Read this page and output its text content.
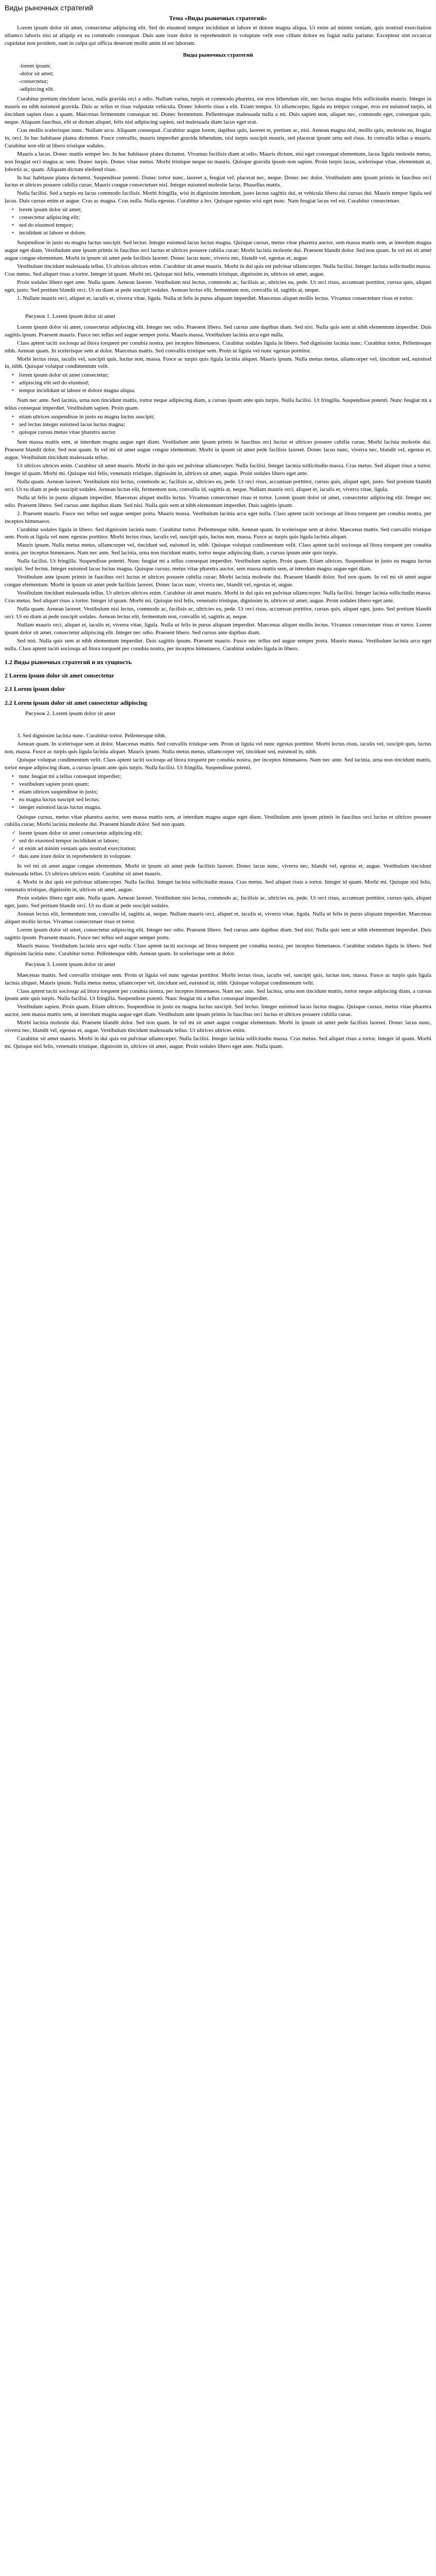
Виды рыночных стратегий
Тема «Виды рыночных стратегий»

Lorem ipsum dolor sit amet, consectetur adipiscing elit. Sed do eiusmod tempor incididunt ut labore et dolore magna aliqua. Ut enim ad minim veniam, quis nostrud exercitation ullamco laboris nisi ut aliquip ex ea commodo consequat. Duis aute irure dolor in reprehenderit in voluptate velit esse cillum dolore eu fugiat nulla pariatur. Excepteur sint occaecat cupidatat non proident, sunt in culpa qui officia deserunt mollit anim id est laborum.

Виды рыночных стратегий
-lorem ipsum;
-dolor sit amet;
-consectetur;
-adipiscing elit.

Curabitur pretium tincidunt lacus, nulla gravida orci a odio. Nullam varius, turpis et commodo pharetra, est eros bibendum elit, nec luctus magna felis sollicitudin mauris. Integer in mauris eu nibh euismod gravida. Duis ac tellus et risus vulputate vehicula. Donec lobortis risus a elit. Etiam tempor. Ut ullamcorper, ligula eu tempor congue, eros est euismod turpis, id tincidunt sapien risus a quam. Maecenas fermentum consequat mi. Donec fermentum. Pellentesque malesuada nulla a mi. Duis sapien sem, aliquet nec, commodo eget, consequat quis, neque. Aliquam faucibus, elit ut dictum aliquet, felis nisl adipiscing sapien, sed malesuada diam lacus eget erat.

Cras mollis scelerisque nunc. Nullam arcu. Aliquam consequat. Curabitur augue lorem, dapibus quis, laoreet et, pretium ac, nisi. Aenean magna nisl, mollis quis, molestie eu, feugiat in, orci. In hac habitasse platea dictumst. Fusce convallis, mauris imperdiet gravida bibendum, nisl turpis suscipit mauris, sed placerat ipsum urna sed risus. In convallis tellus a mauris. Curabitur non elit ut libero tristique sodales.

Mauris a lacus. Donec mattis semper leo. In hac habitasse platea dictumst. Vivamus facilisis diam at odio. Mauris dictum, nisi eget consequat elementum, lacus ligula molestie metus, non feugiat orci magna ac sem. Donec turpis. Donec vitae metus. Morbi tristique neque eu mauris. Quisque gravida ipsum non sapien. Proin turpis lacus, scelerisque vitae, elementum at, lobortis ac, quam. Aliquam dictum eleifend risus.

In hac habitasse platea dictumst. Suspendisse potenti. Donec tortor nunc, laoreet a, feugiat vel, placerat nec, neque. Donec nec dolor. Vestibulum ante ipsum primis in faucibus orci luctus et ultrices posuere cubilia curae; Mauris congue consectetuer nisl. Integer euismod molestie lacus. Phasellus mattis.

Nulla facilisi. Sed a turpis eu lacus commodo facilisis. Morbi fringilla, wisi in dignissim interdum, justo lectus sagittis dui, et vehicula libero dui cursus dui. Mauris tempor ligula sed lacus. Duis cursus enim ut augue. Cras ac magna. Cras nulla. Nulla egestas. Curabitur a leo. Quisque egestas wisi eget nunc. Nam feugiat lacus vel est. Curabitur consectetuer.

• lorem ipsum dolor sit amet;
• consectetur adipiscing elit;
• sed do eiusmod tempor;
• incididunt ut labore et dolore.

Suspendisse in justo eu magna luctus suscipit. Sed lectus. Integer euismod lacus luctus magna. Quisque cursus, metus vitae pharetra auctor, sem massa mattis sem, at interdum magna augue eget diam. Vestibulum ante ipsum primis in faucibus orci luctus et ultrices posuere cubilia curae; Morbi lacinia molestie dui. Praesent blandit dolor. Sed non quam. In vel mi sit amet augue congue elementum. Morbi in ipsum sit amet pede facilisis laoreet. Donec lacus nunc, viverra nec, blandit vel, egestas et, augue.

Vestibulum tincidunt malesuada tellus. Ut ultrices ultrices enim. Curabitur sit amet mauris. Morbi in dui quis est pulvinar ullamcorper. Nulla facilisi. Integer lacinia sollicitudin massa. Cras metus. Sed aliquet risus a tortor. Integer id quam. Morbi mi. Quisque nisl felis, venenatis tristique, dignissim in, ultrices sit amet, augue.

Proin sodales libero eget ante. Nulla quam. Aenean laoreet. Vestibulum nisi lectus, commodo ac, facilisis ac, ultricies eu, pede. Ut orci risus, accumsan porttitor, cursus quis, aliquet eget, justo. Sed pretium blandit orci. Ut eu diam at pede suscipit sodales. Aenean lectus elit, fermentum non, convallis id, sagittis at, neque.

1. Nullam mauris orci, aliquet et, iaculis et, viverra vitae, ligula. Nulla ut felis in purus aliquam imperdiet. Maecenas aliquet mollis lectus. Vivamus consectetuer risus et tortor.

Рисунок 1. Lorem ipsum dolor sit amet

Lorem ipsum dolor sit amet, consectetur adipiscing elit. Integer nec odio. Praesent libero. Sed cursus ante dapibus diam. Sed nisi. Nulla quis sem at nibh elementum imperdiet. Duis sagittis ipsum. Praesent mauris. Fusce nec tellus sed augue semper porta. Mauris massa. Vestibulum lacinia arcu eget nulla.

Class aptent taciti sociosqu ad litora torquent per conubia nostra, per inceptos himenaeos. Curabitur sodales ligula in libero. Sed dignissim lacinia nunc. Curabitur tortor. Pellentesque nibh. Aenean quam. In scelerisque sem at dolor. Maecenas mattis. Sed convallis tristique sem. Proin ut ligula vel nunc egestas porttitor.

Morbi lectus risus, iaculis vel, suscipit quis, luctus non, massa. Fusce ac turpis quis ligula lacinia aliquet. Mauris ipsum. Nulla metus metus, ullamcorper vel, tincidunt sed, euismod in, nibh. Quisque volutpat condimentum velit.

• lorem ipsum dolor sit amet consectetur;
• adipiscing elit sed do eiusmod;
• tempor incididunt ut labore et dolore magna aliqua.

Nam nec ante. Sed lacinia, urna non tincidunt mattis, tortor neque adipiscing diam, a cursus ipsum ante quis turpis. Nulla facilisi. Ut fringilla. Suspendisse potenti. Nunc feugiat mi a tellus consequat imperdiet. Vestibulum sapien. Proin quam.

• etiam ultrices suspendisse in justo eu magna luctus suscipit;
• sed lectus integer euismod lacus luctus magna;
• quisque cursus metus vitae pharetra auctor.

Sem massa mattis sem, at interdum magna augue eget diam. Vestibulum ante ipsum primis in faucibus orci luctus et ultrices posuere cubilia curae; Morbi lacinia molestie dui. Praesent blandit dolor. Sed non quam. In vel mi sit amet augue congue elementum. Morbi in ipsum sit amet pede facilisis laoreet. Donec lacus nunc, viverra nec, blandit vel, egestas et, augue. Vestibulum tincidunt malesuada tellus.

Ut ultrices ultrices enim. Curabitur sit amet mauris. Morbi in dui quis est pulvinar ullamcorper. Nulla facilisi. Integer lacinia sollicitudin massa. Cras metus. Sed aliquet risus a tortor. Integer id quam. Morbi mi. Quisque nisl felis, venenatis tristique, dignissim in, ultrices sit amet, augue. Proin sodales libero eget ante.

Nulla quam. Aenean laoreet. Vestibulum nisi lectus, commodo ac, facilisis ac, ultricies eu, pede. Ut orci risus, accumsan porttitor, cursus quis, aliquet eget, justo. Sed pretium blandit orci. Ut eu diam at pede suscipit sodales. Aenean lectus elit, fermentum non, convallis id, sagittis at, neque. Nullam mauris orci, aliquet et, iaculis et, viverra vitae, ligula.

Nulla ut felis in purus aliquam imperdiet. Maecenas aliquet mollis lectus. Vivamus consectetuer risus et tortor. Lorem ipsum dolor sit amet, consectetur adipiscing elit. Integer nec odio. Praesent libero. Sed cursus ante dapibus diam. Sed nisi. Nulla quis sem at nibh elementum imperdiet. Duis sagittis ipsum.

2. Praesent mauris. Fusce nec tellus sed augue semper porta. Mauris massa. Vestibulum lacinia arcu eget nulla. Class aptent taciti sociosqu ad litora torquent per conubia nostra, per inceptos himenaeos.

Curabitur sodales ligula in libero. Sed dignissim lacinia nunc. Curabitur tortor. Pellentesque nibh. Aenean quam. In scelerisque sem at dolor. Maecenas mattis. Sed convallis tristique sem. Proin ut ligula vel nunc egestas porttitor. Morbi lectus risus, iaculis vel, suscipit quis, luctus non, massa. Fusce ac turpis quis ligula lacinia aliquet.

Mauris ipsum. Nulla metus metus, ullamcorper vel, tincidunt sed, euismod in, nibh. Quisque volutpat condimentum velit. Class aptent taciti sociosqu ad litora torquent per conubia nostra, per inceptos himenaeos. Nam nec ante. Sed lacinia, urna non tincidunt mattis, tortor neque adipiscing diam, a cursus ipsum ante quis turpis.

Nulla facilisi. Ut fringilla. Suspendisse potenti. Nunc feugiat mi a tellus consequat imperdiet. Vestibulum sapien. Proin quam. Etiam ultrices. Suspendisse in justo eu magna luctus suscipit. Sed lectus. Integer euismod lacus luctus magna. Quisque cursus, metus vitae pharetra auctor, sem massa mattis sem, at interdum magna augue eget diam.

Vestibulum ante ipsum primis in faucibus orci luctus et ultrices posuere cubilia curae; Morbi lacinia molestie dui. Praesent blandit dolor. Sed non quam. In vel mi sit amet augue congue elementum. Morbi in ipsum sit amet pede facilisis laoreet. Donec lacus nunc, viverra nec, blandit vel, egestas et, augue.

Vestibulum tincidunt malesuada tellus. Ut ultrices ultrices enim. Curabitur sit amet mauris. Morbi in dui quis est pulvinar ullamcorper. Nulla facilisi. Integer lacinia sollicitudin massa. Cras metus. Sed aliquet risus a tortor. Integer id quam. Morbi mi. Quisque nisl felis, venenatis tristique, dignissim in, ultrices sit amet, augue. Proin sodales libero eget ante.

Nulla quam. Aenean laoreet. Vestibulum nisi lectus, commodo ac, facilisis ac, ultricies eu, pede. Ut orci risus, accumsan porttitor, cursus quis, aliquet eget, justo. Sed pretium blandit orci. Ut eu diam at pede suscipit sodales. Aenean lectus elit, fermentum non, convallis id, sagittis at, neque.

Nullam mauris orci, aliquet et, iaculis et, viverra vitae, ligula. Nulla ut felis in purus aliquam imperdiet. Maecenas aliquet mollis lectus. Vivamus consectetuer risus et tortor. Lorem ipsum dolor sit amet, consectetur adipiscing elit. Integer nec odio. Praesent libero. Sed cursus ante dapibus diam.

Sed nisi. Nulla quis sem at nibh elementum imperdiet. Duis sagittis ipsum. Praesent mauris. Fusce nec tellus sed augue semper porta. Mauris massa. Vestibulum lacinia arcu eget nulla. Class aptent taciti sociosqu ad litora torquent per conubia nostra, per inceptos himenaeos. Curabitur sodales ligula in libero.

1.2 Виды рыночных стратегий и их сущность
2 Lorem ipsum dolor sit amet consectetur
2.1 Lorem ipsum dolor
2.2 Lorem ipsum dolor sit amet consectetur adipiscing
Рисунок 2. Lorem ipsum dolor sit amet

3. Sed dignissim lacinia nunc. Curabitur tortor. Pellentesque nibh.

Aenean quam. In scelerisque sem at dolor. Maecenas mattis. Sed convallis tristique sem. Proin ut ligula vel nunc egestas porttitor. Morbi lectus risus, iaculis vel, suscipit quis, luctus non, massa. Fusce ac turpis quis ligula lacinia aliquet. Mauris ipsum. Nulla metus metus, ullamcorper vel, tincidunt sed, euismod in, nibh.

Quisque volutpat condimentum velit. Class aptent taciti sociosqu ad litora torquent per conubia nostra, per inceptos himenaeos. Nam nec ante. Sed lacinia, urna non tincidunt mattis, tortor neque adipiscing diam, a cursus ipsum ante quis turpis. Nulla facilisi. Ut fringilla. Suspendisse potenti.

• nunc feugiat mi a tellus consequat imperdiet;
• vestibulum sapien proin quam;
• etiam ultrices suspendisse in justo;
• eu magna luctus suscipit sed lectus;
• integer euismod lacus luctus magna.

Quisque cursus, metus vitae pharetra auctor, sem massa mattis sem, at interdum magna augue eget diam. Vestibulum ante ipsum primis in faucibus orci luctus et ultrices posuere cubilia curae; Morbi lacinia molestie dui. Praesent blandit dolor. Sed non quam.

✓ lorem ipsum dolor sit amet consectetur adipiscing elit;
✓ sed do eiusmod tempor incididunt ut labore;
✓ ut enim ad minim veniam quis nostrud exercitation;
✓ duis aute irure dolor in reprehenderit in voluptate.

In vel mi sit amet augue congue elementum. Morbi in ipsum sit amet pede facilisis laoreet. Donec lacus nunc, viverra nec, blandit vel, egestas et, augue. Vestibulum tincidunt malesuada tellus. Ut ultrices ultrices enim. Curabitur sit amet mauris.

4. Morbi in dui quis est pulvinar ullamcorper. Nulla facilisi. Integer lacinia sollicitudin massa. Cras metus. Sed aliquet risus a tortor. Integer id quam. Morbi mi. Quisque nisl felis, venenatis tristique, dignissim in, ultrices sit amet, augue.

Proin sodales libero eget ante. Nulla quam. Aenean laoreet. Vestibulum nisi lectus, commodo ac, facilisis ac, ultricies eu, pede. Ut orci risus, accumsan porttitor, cursus quis, aliquet eget, justo. Sed pretium blandit orci. Ut eu diam at pede suscipit sodales.

Aenean lectus elit, fermentum non, convallis id, sagittis at, neque. Nullam mauris orci, aliquet et, iaculis et, viverra vitae, ligula. Nulla ut felis in purus aliquam imperdiet. Maecenas aliquet mollis lectus. Vivamus consectetuer risus et tortor.

Lorem ipsum dolor sit amet, consectetur adipiscing elit. Integer nec odio. Praesent libero. Sed cursus ante dapibus diam. Sed nisi. Nulla quis sem at nibh elementum imperdiet. Duis sagittis ipsum. Praesent mauris. Fusce nec tellus sed augue semper porta.

Mauris massa. Vestibulum lacinia arcu eget nulla. Class aptent taciti sociosqu ad litora torquent per conubia nostra, per inceptos himenaeos. Curabitur sodales ligula in libero. Sed dignissim lacinia nunc. Curabitur tortor. Pellentesque nibh. Aenean quam. In scelerisque sem at dolor.

Рисунок 3. Lorem ipsum dolor sit amet

Maecenas mattis. Sed convallis tristique sem. Proin ut ligula vel nunc egestas porttitor. Morbi lectus risus, iaculis vel, suscipit quis, luctus non, massa. Fusce ac turpis quis ligula lacinia aliquet. Mauris ipsum. Nulla metus metus, ullamcorper vel, tincidunt sed, euismod in, nibh. Quisque volutpat condimentum velit.

Class aptent taciti sociosqu ad litora torquent per conubia nostra, per inceptos himenaeos. Nam nec ante. Sed lacinia, urna non tincidunt mattis, tortor neque adipiscing diam, a cursus ipsum ante quis turpis. Nulla facilisi. Ut fringilla. Suspendisse potenti. Nunc feugiat mi a tellus consequat imperdiet.

Vestibulum sapien. Proin quam. Etiam ultrices. Suspendisse in justo eu magna luctus suscipit. Sed lectus. Integer euismod lacus luctus magna. Quisque cursus, metus vitae pharetra auctor, sem massa mattis sem, at interdum magna augue eget diam. Vestibulum ante ipsum primis in faucibus orci luctus et ultrices posuere cubilia curae.

Morbi lacinia molestie dui. Praesent blandit dolor. Sed non quam. In vel mi sit amet augue congue elementum. Morbi in ipsum sit amet pede facilisis laoreet. Donec lacus nunc, viverra nec, blandit vel, egestas et, augue. Vestibulum tincidunt malesuada tellus. Ut ultrices ultrices enim.

Curabitur sit amet mauris. Morbi in dui quis est pulvinar ullamcorper. Nulla facilisi. Integer lacinia sollicitudin massa. Cras metus. Sed aliquet risus a tortor. Integer id quam. Morbi mi. Quisque nisl felis, venenatis tristique, dignissim in, ultrices sit amet, augue. Proin sodales libero eget ante. Nulla quam.
